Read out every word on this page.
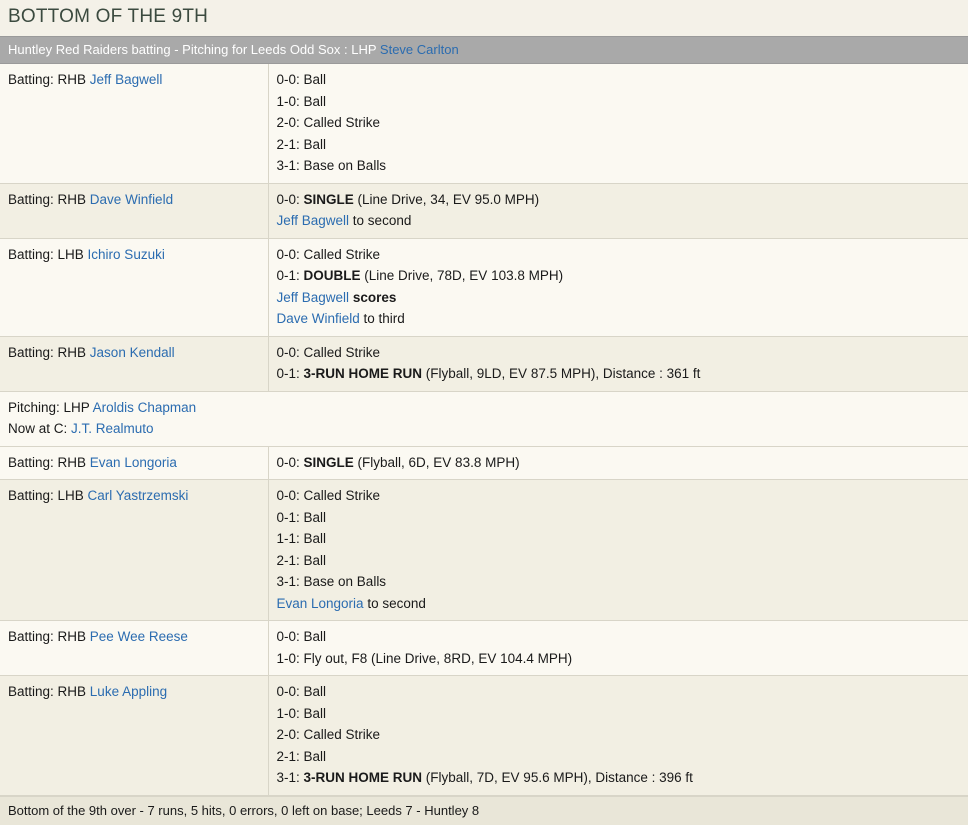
BOTTOM OF THE 9TH
Huntley Red Raiders batting - Pitching for Leeds Odd Sox : LHP Steve Carlton
Batting: RHB Jeff Bagwell	0-0: Ball
1-0: Ball
2-0: Called Strike
2-1: Ball
3-1: Base on Balls

Batting: RHB Dave Winfield	0-0: SINGLE (Line Drive, 34, EV 95.0 MPH)
Jeff Bagwell to second

Batting: LHB Ichiro Suzuki	0-0: Called Strike
0-1: DOUBLE (Line Drive, 78D, EV 103.8 MPH)
Jeff Bagwell scores
Dave Winfield to third

Batting: RHB Jason Kendall	0-0: Called Strike
0-1: 3-RUN HOME RUN (Flyball, 9LD, EV 87.5 MPH), Distance : 361 ft

Pitching: LHP Aroldis Chapman
Now at C: J.T. Realmuto	

Batting: RHB Evan Longoria	0-0: SINGLE (Flyball, 6D, EV 83.8 MPH)

Batting: LHB Carl Yastrzemski	0-0: Called Strike
0-1: Ball
1-1: Ball
2-1: Ball
3-1: Base on Balls
Evan Longoria to second

Batting: RHB Pee Wee Reese	0-0: Ball
1-0: Fly out, F8 (Line Drive, 8RD, EV 104.4 MPH)

Batting: RHB Luke Appling	0-0: Ball
1-0: Ball
2-0: Called Strike
2-1: Ball
3-1: 3-RUN HOME RUN (Flyball, 7D, EV 95.6 MPH), Distance : 396 ft
Bottom of the 9th over - 7 runs, 5 hits, 0 errors, 0 left on base; Leeds 7 - Huntley 8
